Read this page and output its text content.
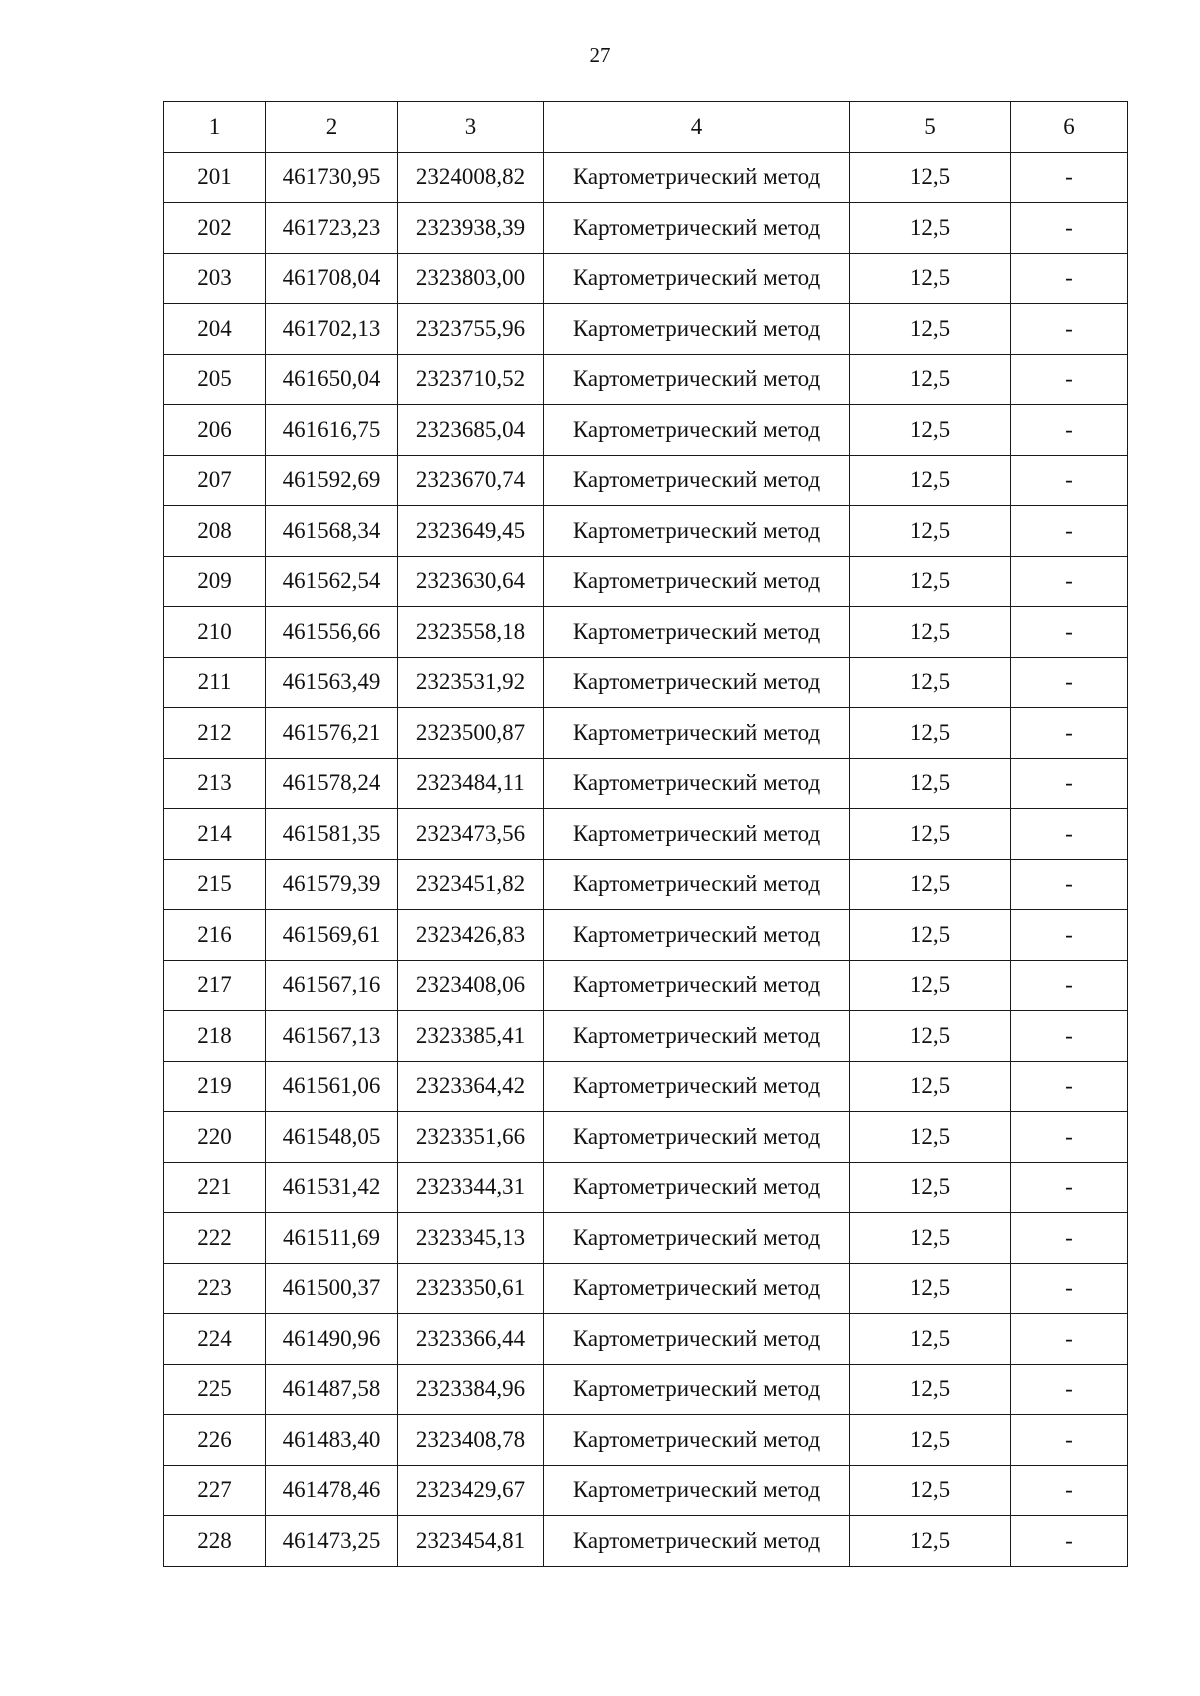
27
1	2	3	4	5	6
201	461730,95	2324008,82	Картометрический метод	12,5	-
202	461723,23	2323938,39	Картометрический метод	12,5	-
203	461708,04	2323803,00	Картометрический метод	12,5	-
204	461702,13	2323755,96	Картометрический метод	12,5	-
205	461650,04	2323710,52	Картометрический метод	12,5	-
206	461616,75	2323685,04	Картометрический метод	12,5	-
207	461592,69	2323670,74	Картометрический метод	12,5	-
208	461568,34	2323649,45	Картометрический метод	12,5	-
209	461562,54	2323630,64	Картометрический метод	12,5	-
210	461556,66	2323558,18	Картометрический метод	12,5	-
211	461563,49	2323531,92	Картометрический метод	12,5	-
212	461576,21	2323500,87	Картометрический метод	12,5	-
213	461578,24	2323484,11	Картометрический метод	12,5	-
214	461581,35	2323473,56	Картометрический метод	12,5	-
215	461579,39	2323451,82	Картометрический метод	12,5	-
216	461569,61	2323426,83	Картометрический метод	12,5	-
217	461567,16	2323408,06	Картометрический метод	12,5	-
218	461567,13	2323385,41	Картометрический метод	12,5	-
219	461561,06	2323364,42	Картометрический метод	12,5	-
220	461548,05	2323351,66	Картометрический метод	12,5	-
221	461531,42	2323344,31	Картометрический метод	12,5	-
222	461511,69	2323345,13	Картометрический метод	12,5	-
223	461500,37	2323350,61	Картометрический метод	12,5	-
224	461490,96	2323366,44	Картометрический метод	12,5	-
225	461487,58	2323384,96	Картометрический метод	12,5	-
226	461483,40	2323408,78	Картометрический метод	12,5	-
227	461478,46	2323429,67	Картометрический метод	12,5	-
228	461473,25	2323454,81	Картометрический метод	12,5	-
